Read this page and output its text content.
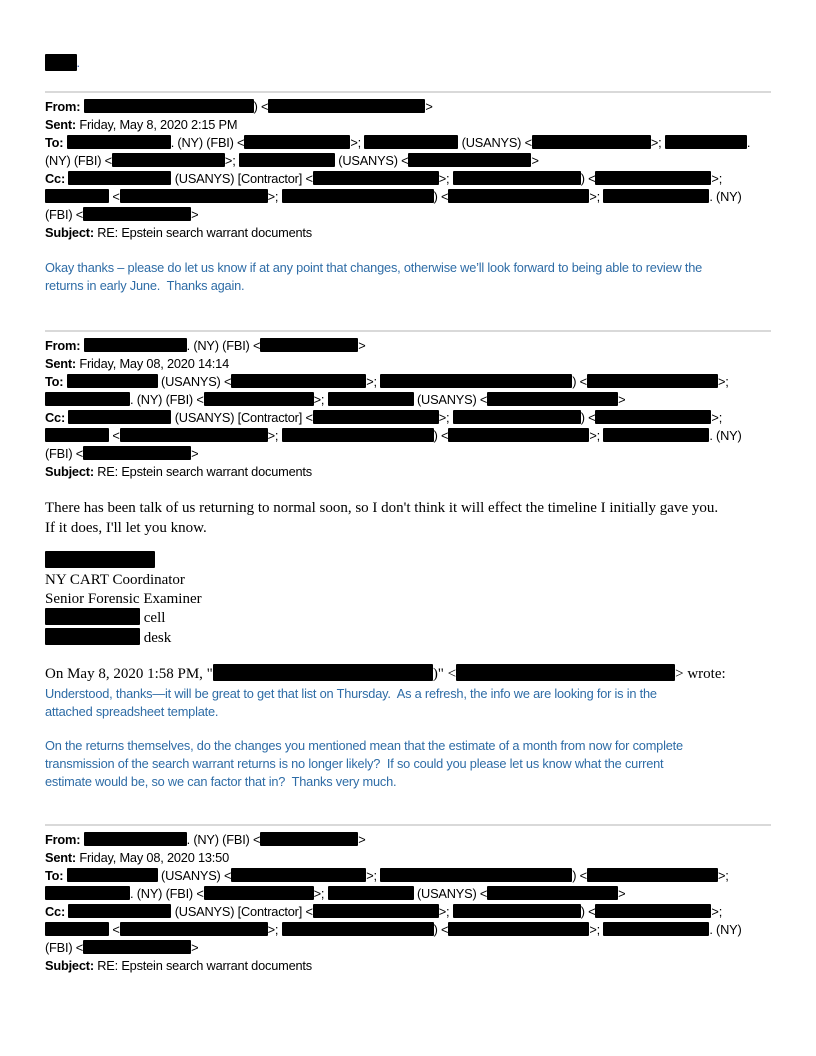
.
From:	) <	>
Sent: Friday, May 8, 2020 2:15 PM
To:	. (NY) (FBI) <	>;	(USANYS) <	>;	.
(NY) (FBI) <	>;	(USANYS) <	>
Cc:	(USANYS) [Contractor] <	>;	) <	>;
<	>;	) <	>;	. (NY)
(FBI) <	>
Subject: RE: Epstein search warrant documents
Okay thanks – please do let us know if at any point that changes, otherwise we’ll look forward to being able to review the
returns in early June.  Thanks again.
From:	. (NY) (FBI) <	>
Sent: Friday, May 08, 2020 14:14
To:	(USANYS) <	>;	) <	>;
. (NY) (FBI) <	>;	(USANYS) <	>
Cc:	(USANYS) [Contractor] <	>;	) <	>;
<	>;	) <	>;	. (NY)
(FBI) <	>
Subject: RE: Epstein search warrant documents
There has been talk of us returning to normal soon, so I don't think it will effect the timeline I initially gave you.
If it does, I'll let you know.
NY CART Coordinator
Senior Forensic Examiner
cell
desk
On May 8, 2020 1:58 PM, "	)" <	> wrote:
Understood, thanks—it will be great to get that list on Thursday.  As a refresh, the info we are looking for is in the
attached spreadsheet template.
On the returns themselves, do the changes you mentioned mean that the estimate of a month from now for complete
transmission of the search warrant returns is no longer likely?  If so could you please let us know what the current
estimate would be, so we can factor that in?  Thanks very much.
From:	. (NY) (FBI) <	>
Sent: Friday, May 08, 2020 13:50
To:	(USANYS) <	>;	) <	>;
. (NY) (FBI) <	>;	(USANYS) <	>
Cc:	(USANYS) [Contractor] <	>;	) <	>;
<	>;	) <	>;	. (NY)
(FBI) <	>
Subject: RE: Epstein search warrant documents
